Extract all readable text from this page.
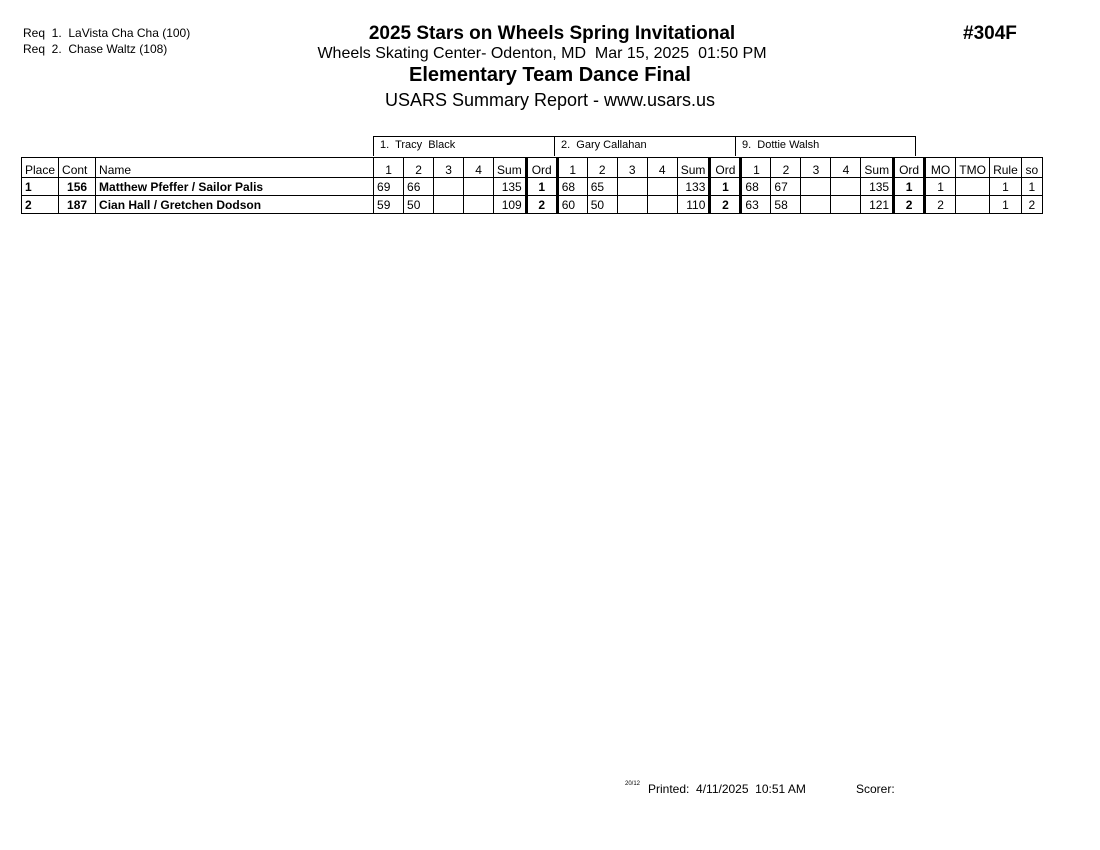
Req  1.  LaVista Cha Cha (100)
Req  2.  Chase Waltz (108)
2025 Stars on Wheels Spring Invitational
Wheels Skating Center- Odenton, MD  Mar 15, 2025  01:50 PM
Elementary Team Dance Final
USARS Summary Report - www.usars.us
#304F
1.  Tracy  Black	2.  Gary Callahan	9.  Dottie Walsh
Place	Cont	Name	1	2	3	4	Sum	Ord	1	2	3	4	Sum	Ord	1	2	3	4	Sum	Ord	MO	TMO	Rule	so
1	156	Matthew Pfeffer / Sailor Palis	69	66			135	1	68	65			133	1	68	67			135	1	1		1	1
2	187	Cian Hall / Gretchen Dodson	59	50			109	2	60	50			110	2	63	58			121	2	2		1	2
20/12 Printed:  4/11/2025  10:51 AM	Scorer:
